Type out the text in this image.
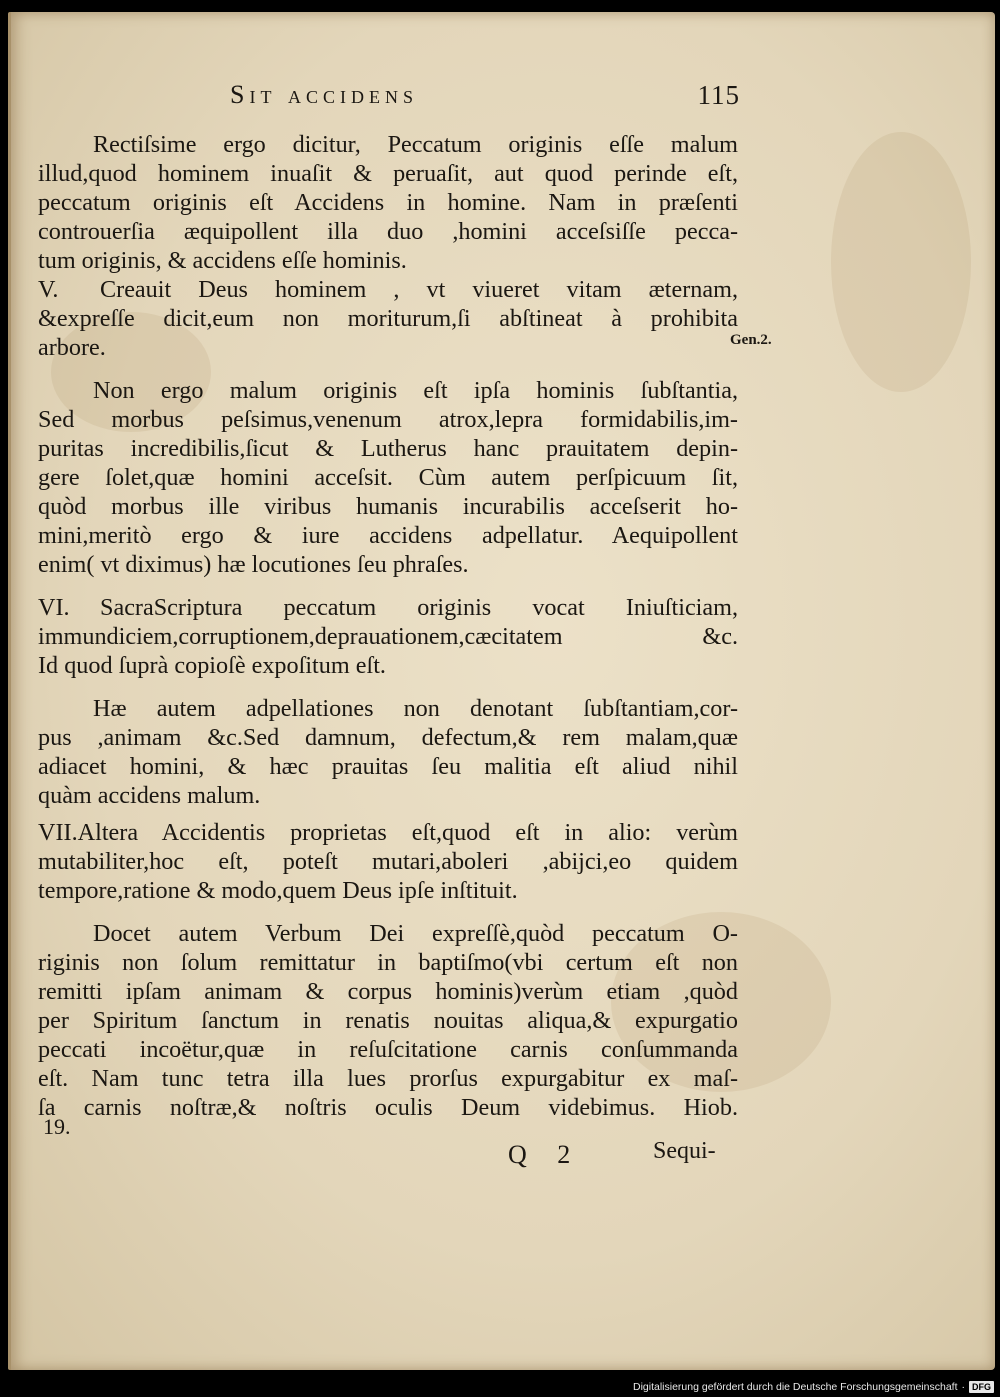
Sit accidens	115
Rectiſsime ergo dicitur, Peccatum originis eſſe malum
illud,quod hominem inuaſit & peruaſit, aut quod perinde eſt,
peccatum originis eſt Accidens in homine. Nam in præſenti
controuerſia æquipollent illa duo ,homini acceſsiſſe pecca-
tum originis, & accidens eſſe hominis.
V. Creauit Deus hominem , vt viueret vitam æternam,
&expreſſe dicit,eum non moriturum,ſi abſtineat à prohibita
arbore.
Non ergo malum originis eſt ipſa hominis ſubſtantia,
Sed morbus peſsimus,venenum atrox,lepra formidabilis,im-
puritas incredibilis,ſicut & Lutherus hanc prauitatem depin-
gere ſolet,quæ homini acceſsit. Cùm autem perſpicuum ſit,
quòd morbus ille viribus humanis incurabilis acceſserit ho-
mini,meritò ergo & iure accidens adpellatur. Aequipollent
enim( vt diximus) hæ locutiones ſeu phraſes.
VI. SacraScriptura peccatum originis vocat Iniuſticiam,
immundiciem,corruptionem,deprauationem,cæcitatem &c.
Id quod ſuprà copioſè expoſitum eſt.
Hæ autem adpellationes non denotant ſubſtantiam,cor-
pus ,animam &c.Sed damnum, defectum,& rem malam,quæ
adiacet homini, & hæc prauitas ſeu malitia eſt aliud nihil
quàm accidens malum.
VII.Altera Accidentis proprietas eſt,quod eſt in alio: verùm
mutabiliter,hoc eſt, poteſt mutari,aboleri ,abijci,eo quidem
tempore,ratione & modo,quem Deus ipſe inſtituit.
Docet autem Verbum Dei expreſſè,quòd peccatum O-
riginis non ſolum remittatur in baptiſmo(vbi certum eſt non
remitti ipſam animam & corpus hominis)verùm etiam ,quòd
per Spiritum ſanctum in renatis nouitas aliqua,& expurgatio
peccati incoëtur,quæ in reſuſcitatione carnis conſummanda
eſt. Nam tunc tetra illa lues prorſus expurgabitur ex maſ-
ſa carnis noſtræ,& noſtris oculis Deum videbimus. Hiob.
Gen.2.
19.
Q 2	Sequi-
Digitalisierung gefördert durch die Deutsche Forschungsgemeinschaft · DFG
